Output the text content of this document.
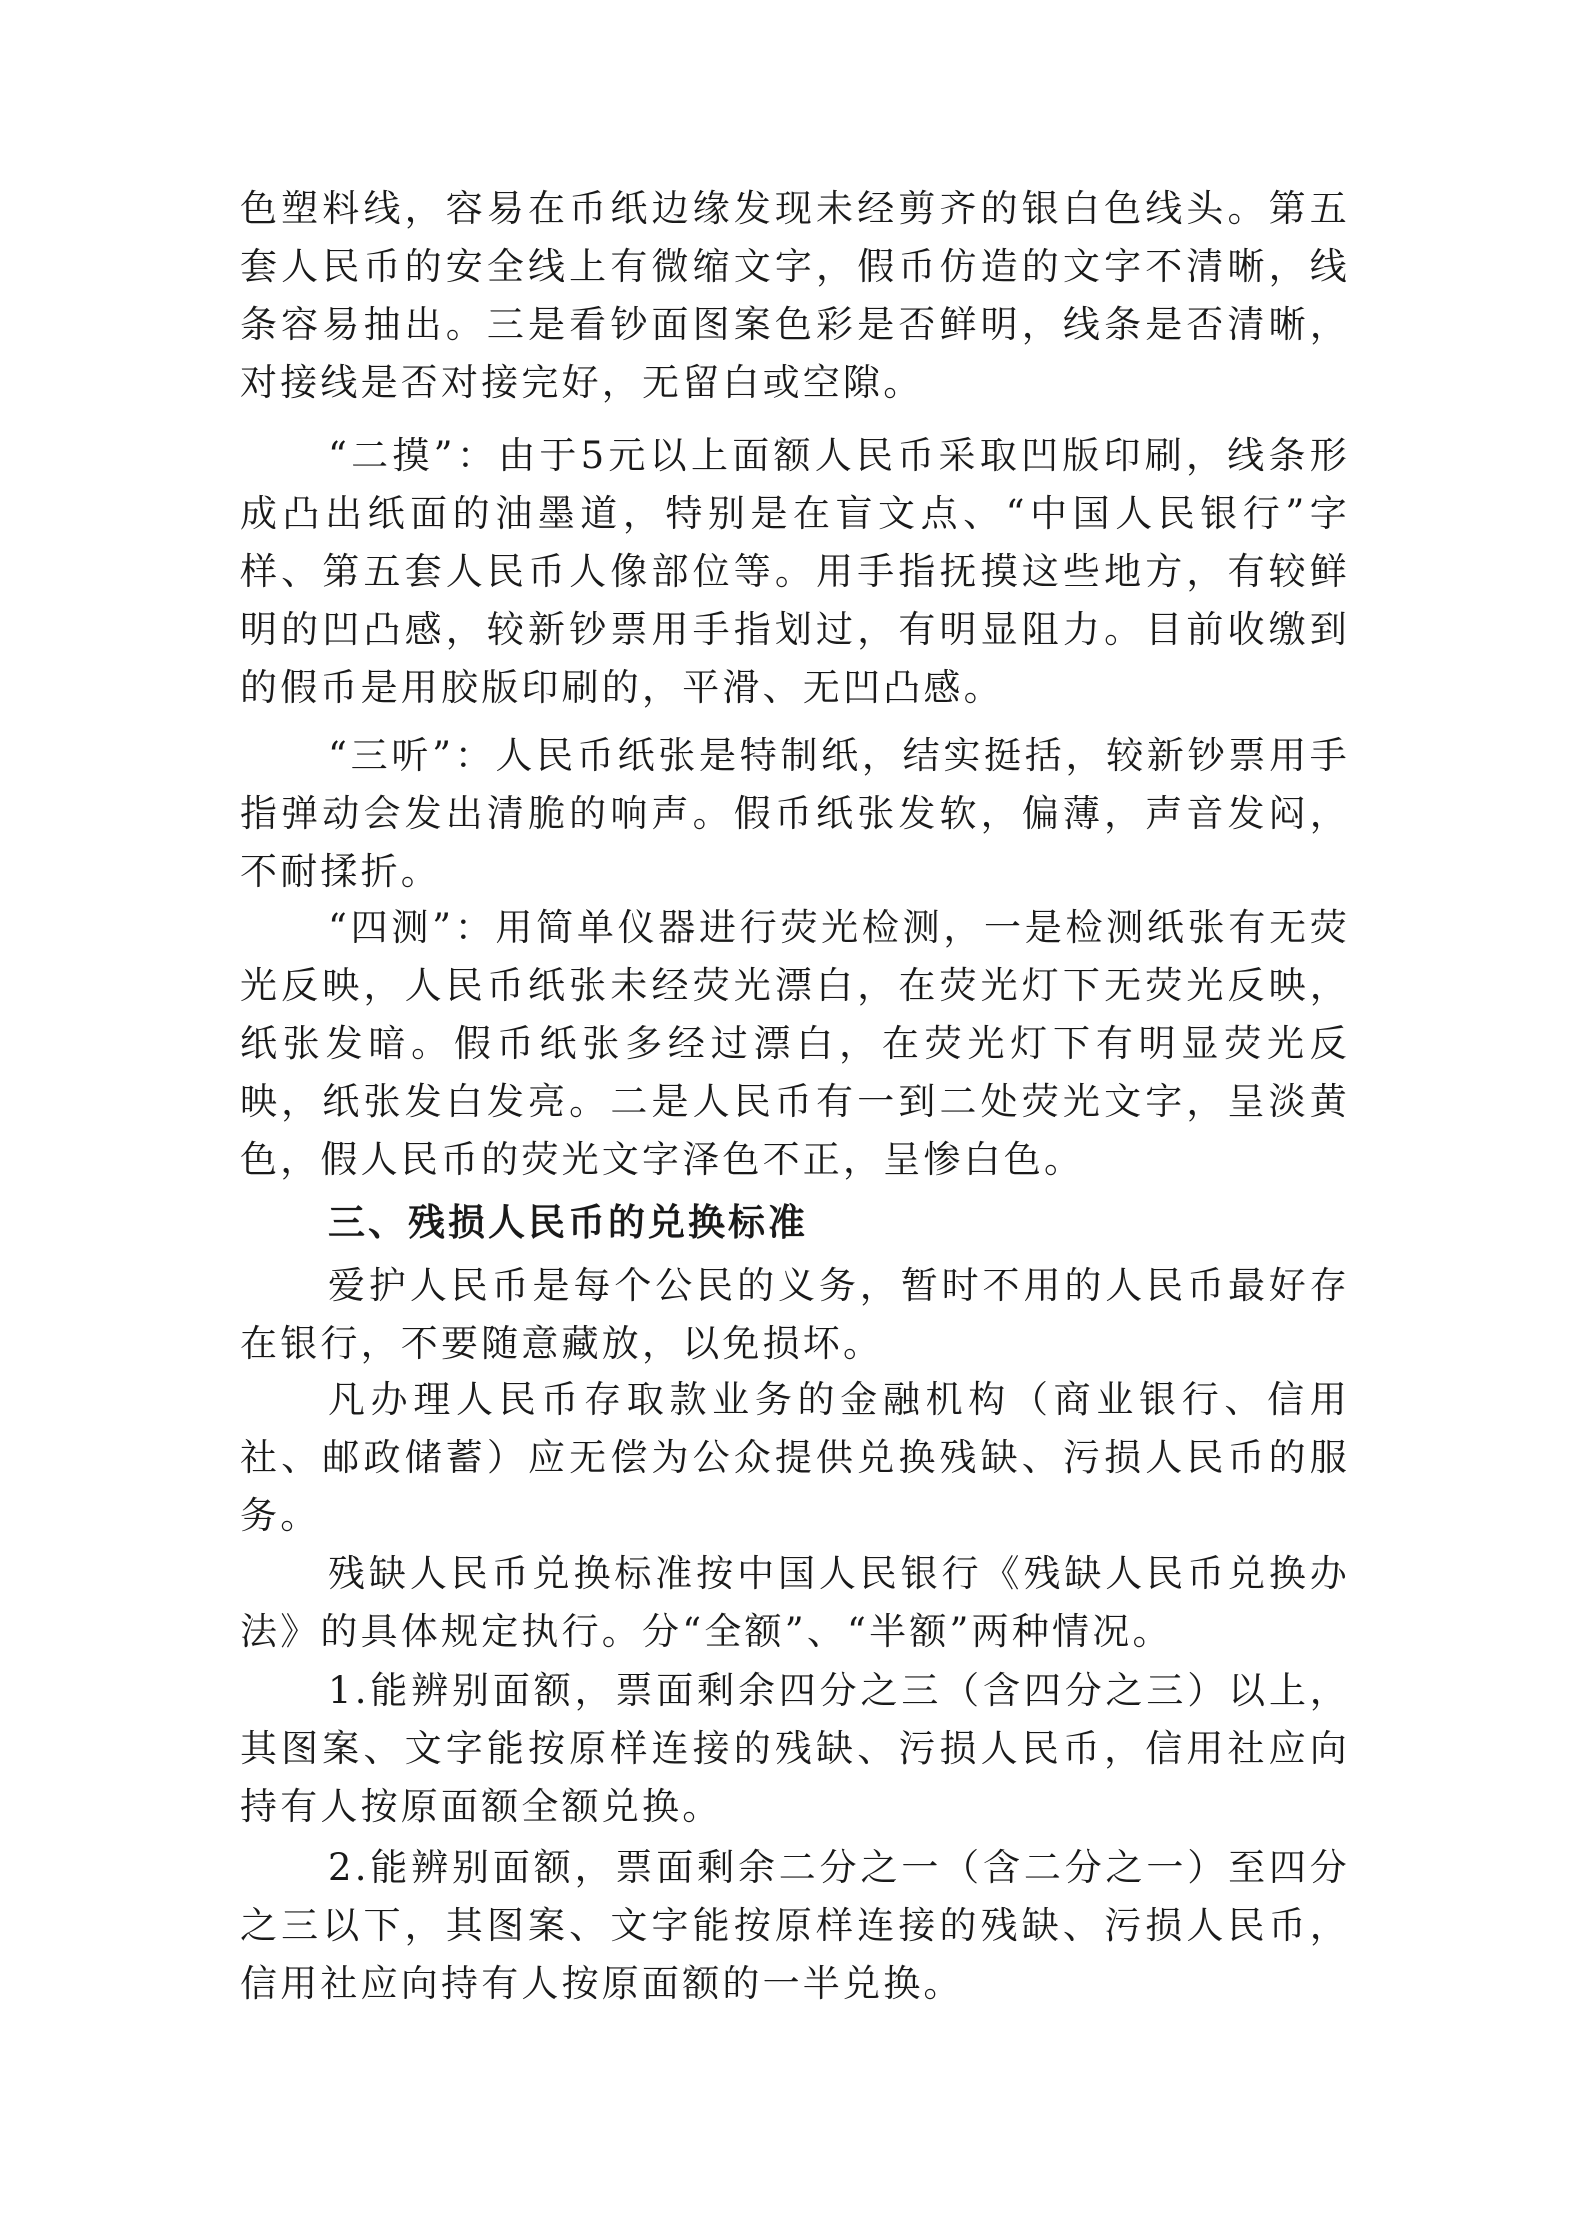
色塑料线，容易在币纸边缘发现未经剪齐的银白色线头。第五套人民币的安全线上有微缩文字，假币仿造的文字不清晰，线条容易抽出。三是看钞面图案色彩是否鲜明，线条是否清晰，对接线是否对接完好，无留白或空隙。

“二摸”：由于5元以上面额人民币采取凹版印刷，线条形成凸出纸面的油墨道，特别是在盲文点、“中国人民银行”字样、第五套人民币人像部位等。用手指抚摸这些地方，有较鲜明的凹凸感，较新钞票用手指划过，有明显阻力。目前收缴到的假币是用胶版印刷的，平滑、无凹凸感。

“三听”：人民币纸张是特制纸，结实挺括，较新钞票用手指弹动会发出清脆的响声。假币纸张发软，偏薄，声音发闷，不耐揉折。

“四测”：用简单仪器进行荧光检测，一是检测纸张有无荧光反映，人民币纸张未经荧光漂白，在荧光灯下无荧光反映，纸张发暗。假币纸张多经过漂白，在荧光灯下有明显荧光反映，纸张发白发亮。二是人民币有一到二处荧光文字，呈淡黄色，假人民币的荧光文字泽色不正，呈惨白色。

三、残损人民币的兑换标准

爱护人民币是每个公民的义务，暂时不用的人民币最好存在银行，不要随意藏放，以免损坏。

凡办理人民币存取款业务的金融机构（商业银行、信用社、邮政储蓄）应无偿为公众提供兑换残缺、污损人民币的服务。

残缺人民币兑换标准按中国人民银行《残缺人民币兑换办法》的具体规定执行。分“全额”、“半额”两种情况。

1.能辨别面额，票面剩余四分之三（含四分之三）以上，其图案、文字能按原样连接的残缺、污损人民币，信用社应向持有人按原面额全额兑换。

2.能辨别面额，票面剩余二分之一（含二分之一）至四分之三以下，其图案、文字能按原样连接的残缺、污损人民币，信用社应向持有人按原面额的一半兑换。
